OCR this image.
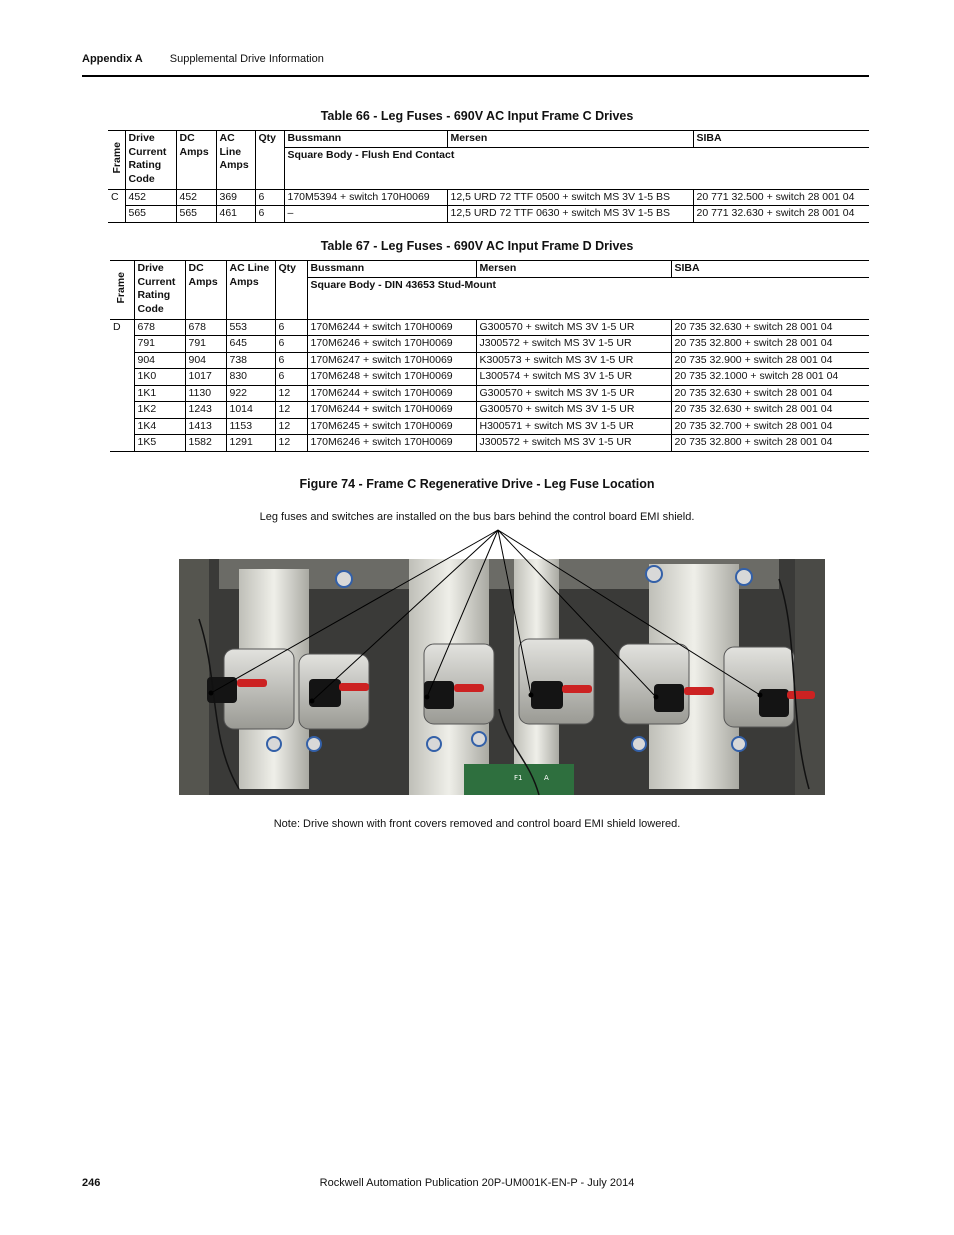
Appendix A Supplemental Drive Information
Table 66 - Leg Fuses - 690V AC Input Frame C Drives
Frame	Drive Current Rating Code	DC Amps	AC Line Amps	Qty	Bussmann	Mersen	SIBA
					Square Body - Flush End Contact		
C	452	452	369	6	170M5394 + switch 170H0069	12,5 URD 72 TTF 0500 + switch MS 3V 1-5 BS	20 771 32.500 + switch 28 001 04
	565	565	461	6	–	12,5 URD 72 TTF 0630 + switch MS 3V 1-5 BS	20 771 32.630 + switch 28 001 04
Table 67 - Leg Fuses - 690V AC Input Frame D Drives
Frame	Drive Current Rating Code	DC Amps	AC Line Amps	Qty	Bussmann	Mersen	SIBA
					Square Body - DIN 43653 Stud-Mount		
D	678	678	553	6	170M6244 + switch 170H0069	G300570 + switch MS 3V 1-5 UR	20 735 32.630 + switch 28 001 04
	791	791	645	6	170M6246 + switch 170H0069	J300572 + switch MS 3V 1-5 UR	20 735 32.800 + switch 28 001 04
	904	904	738	6	170M6247 + switch 170H0069	K300573 + switch MS 3V 1-5 UR	20 735 32.900 + switch 28 001 04
	1K0	1017	830	6	170M6248 + switch 170H0069	L300574 + switch MS 3V 1-5 UR	20 735 32.1000 + switch 28 001 04
	1K1	1130	922	12	170M6244 + switch 170H0069	G300570 + switch MS 3V 1-5 UR	20 735 32.630 + switch 28 001 04
	1K2	1243	1014	12	170M6244 + switch 170H0069	G300570 + switch MS 3V 1-5 UR	20 735 32.630 + switch 28 001 04
	1K4	1413	1153	12	170M6245 + switch 170H0069	H300571 + switch MS 3V 1-5 UR	20 735 32.700 + switch 28 001 04
	1K5	1582	1291	12	170M6246 + switch 170H0069	J300572 + switch MS 3V 1-5 UR	20 735 32.800 + switch 28 001 04
Figure 74 - Frame C Regenerative Drive - Leg Fuse Location
Leg fuses and switches are installed on the bus bars behind the control board EMI shield.
F1	A
Note: Drive shown with front covers removed and control board EMI shield lowered.
246	Rockwell Automation Publication 20P-UM001K-EN-P - July 2014
